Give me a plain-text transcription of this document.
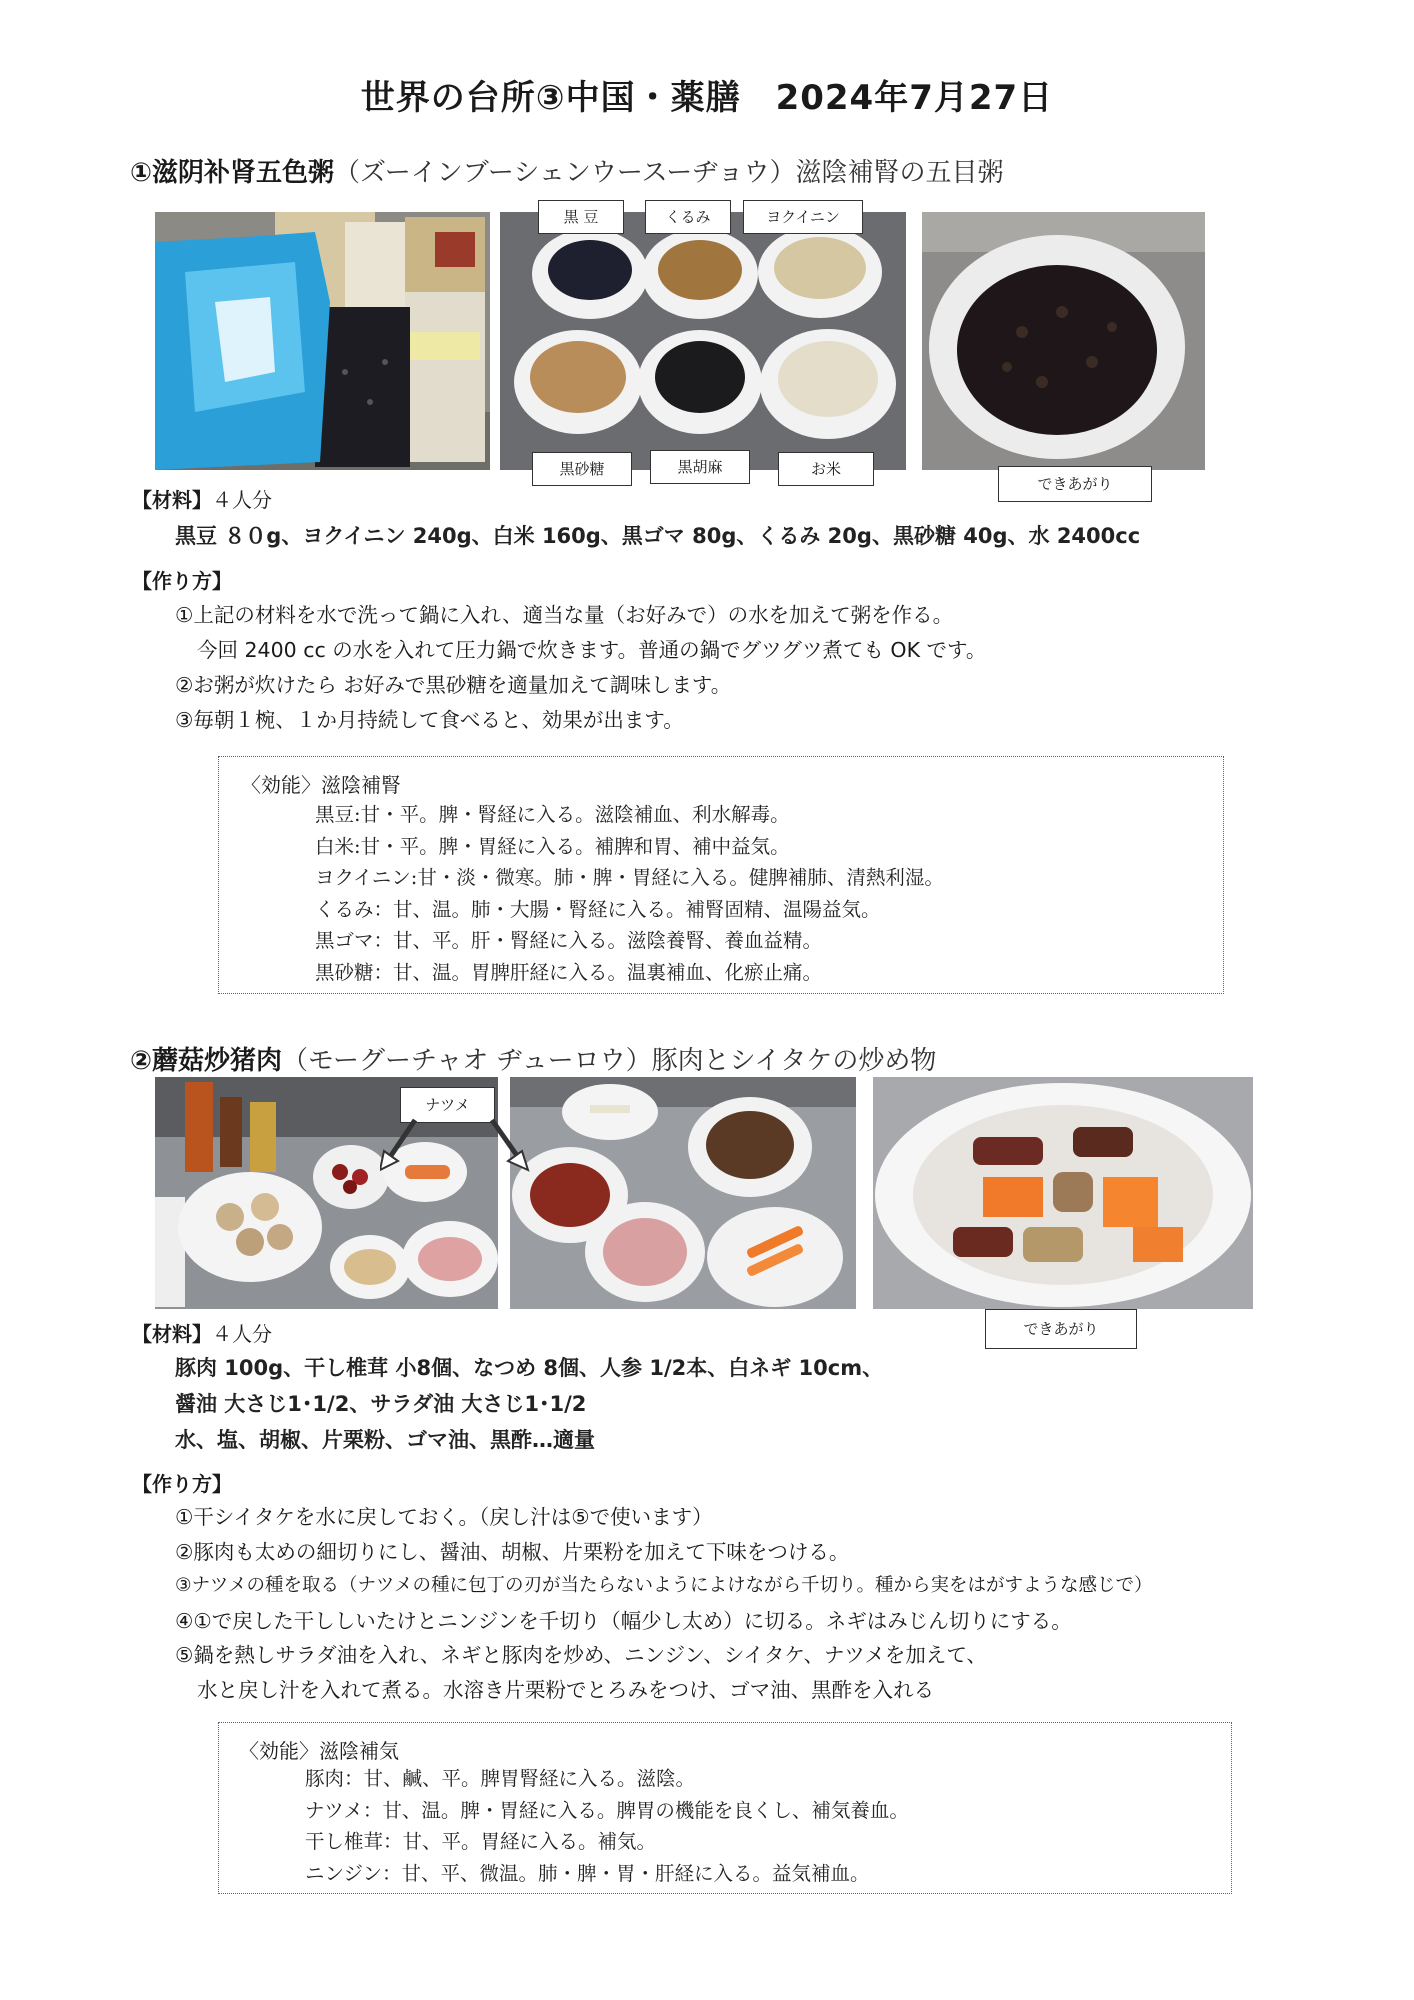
世界の台所③中国・薬膳　2024年7月27日
①滋阴补肾五色粥（ズーインブーシェンウースーヂョウ）滋陰補腎の五目粥
黒 豆	くるみ	ヨクイニン
黒砂糖	黒胡麻	お米
できあがり
【材料】４人分
黒豆 ８０g、ヨクイニン 240g、白米 160g、黒ゴマ 80g、くるみ 20g、黒砂糖 40g、水 2400cc
【作り方】
①上記の材料を水で洗って鍋に入れ、適当な量（お好みで）の水を加えて粥を作る。
今回 2400 cc の水を入れて圧力鍋で炊きます。普通の鍋でグツグツ煮ても OK です。
②お粥が炊けたら お好みで黒砂糖を適量加えて調味します。
③毎朝１椀、１か月持続して食べると、効果が出ます。
〈効能〉滋陰補腎
黒豆:甘・平。脾・腎経に入る。滋陰補血、利水解毒。
白米:甘・平。脾・胃経に入る。補脾和胃、補中益気。
ヨクイニン:甘・淡・微寒。肺・脾・胃経に入る。健脾補肺、清熱利湿。
くるみ：甘、温。肺・大腸・腎経に入る。補腎固精、温陽益気。
黒ゴマ：甘、平。肝・腎経に入る。滋陰養腎、養血益精。
黒砂糖：甘、温。胃脾肝経に入る。温裏補血、化瘀止痛。
②蘑菇炒猪肉（モーグーチャオ ヂューロウ）豚肉とシイタケの炒め物
ナツメ
できあがり
【材料】４人分
豚肉 100g、干し椎茸 小8個、なつめ 8個、人参 1/2本、白ネギ 10cm、
醤油 大さじ1･1/2、サラダ油 大さじ1･1/2
水、塩、胡椒、片栗粉、ゴマ油、黒酢…適量
【作り方】
①干シイタケを水に戻しておく。（戻し汁は⑤で使います）
②豚肉も太めの細切りにし、醤油、胡椒、片栗粉を加えて下味をつける。
③ナツメの種を取る（ナツメの種に包丁の刃が当たらないようによけながら千切り。種から実をはがすような感じで）
④①で戻した干ししいたけとニンジンを千切り（幅少し太め）に切る。ネギはみじん切りにする。
⑤鍋を熱しサラダ油を入れ、ネギと豚肉を炒め、ニンジン、シイタケ、ナツメを加えて、
水と戻し汁を入れて煮る。水溶き片栗粉でとろみをつけ、ゴマ油、黒酢を入れる
〈効能〉滋陰補気
豚肉：甘、鹹、平。脾胃腎経に入る。滋陰。
ナツメ：甘、温。脾・胃経に入る。脾胃の機能を良くし、補気養血。
干し椎茸：甘、平。胃経に入る。補気。
ニンジン：甘、平、微温。肺・脾・胃・肝経に入る。益気補血。
